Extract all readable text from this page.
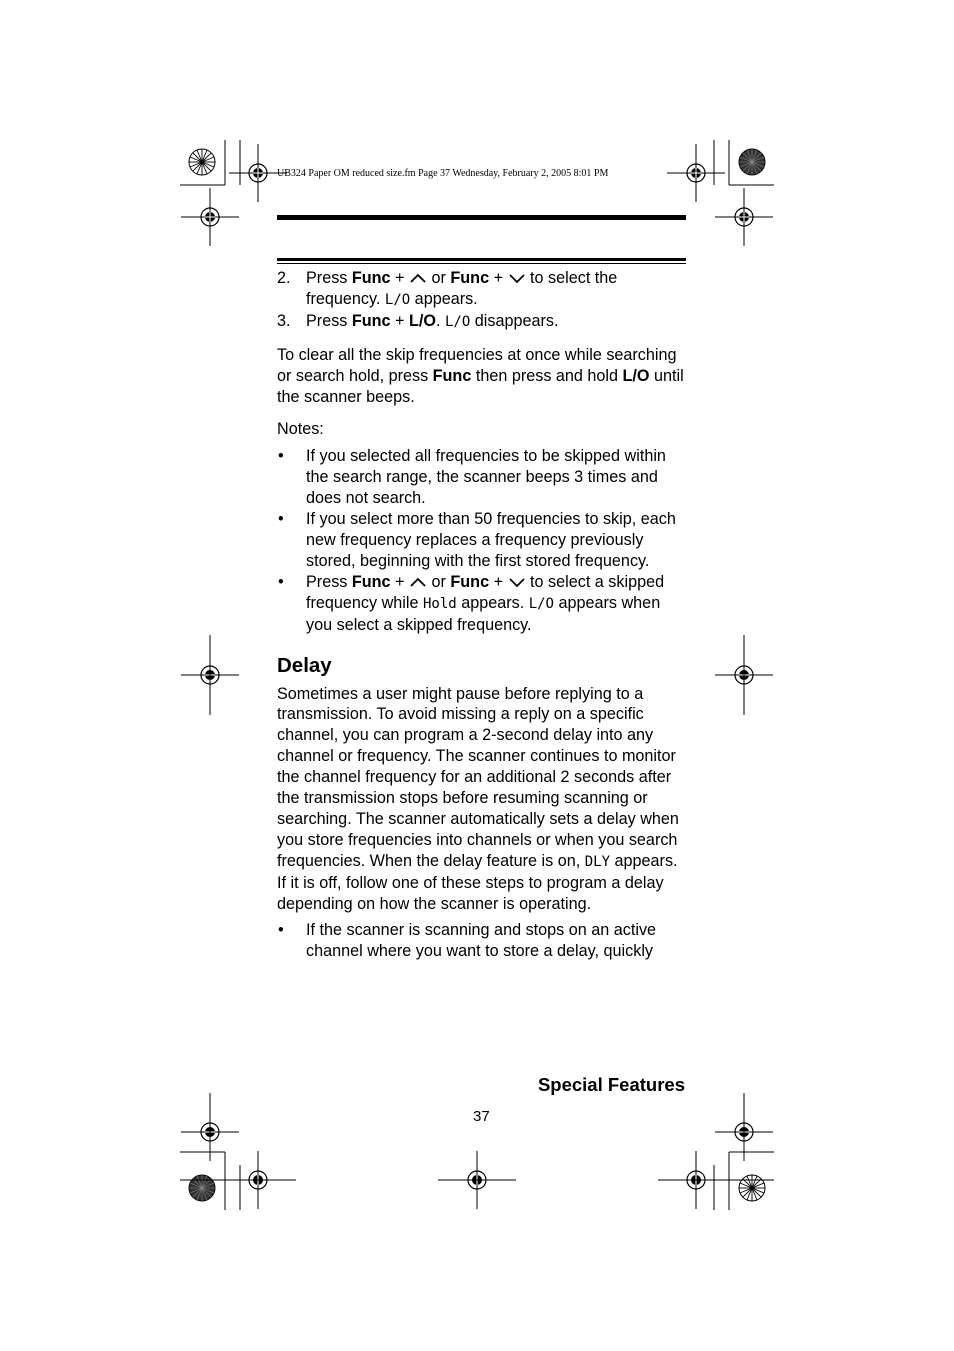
UB324 Paper OM reduced size.fm Page 37 Wednesday, February 2, 2005 8:01 PM

2. Press Func +  or Func +  to select the frequency. L/O appears.

3. Press Func + L/O. L/O disappears.

To clear all the skip frequencies at once while searching or search hold, press Func then press and hold L/O until the scanner beeps.

Notes:

• If you selected all frequencies to be skipped within the search range, the scanner beeps 3 times and does not search.

• If you select more than 50 frequencies to skip, each new frequency replaces a frequency previously stored, beginning with the first stored frequency.

• Press Func +  or Func +  to select a skipped frequency while Hold appears. L/O appears when you select a skipped frequency.

Delay

Sometimes a user might pause before replying to a transmission. To avoid missing a reply on a specific channel, you can program a 2-second delay into any channel or frequency. The scanner continues to monitor the channel frequency for an additional 2 seconds after the transmission stops before resuming scanning or searching. The scanner automatically sets a delay when you store frequencies into channels or when you search frequencies. When the delay feature is on, DLY appears. If it is off, follow one of these steps to program a delay depending on how the scanner is operating.

• If the scanner is scanning and stops on an active channel where you want to store a delay, quickly

Special Features
37
